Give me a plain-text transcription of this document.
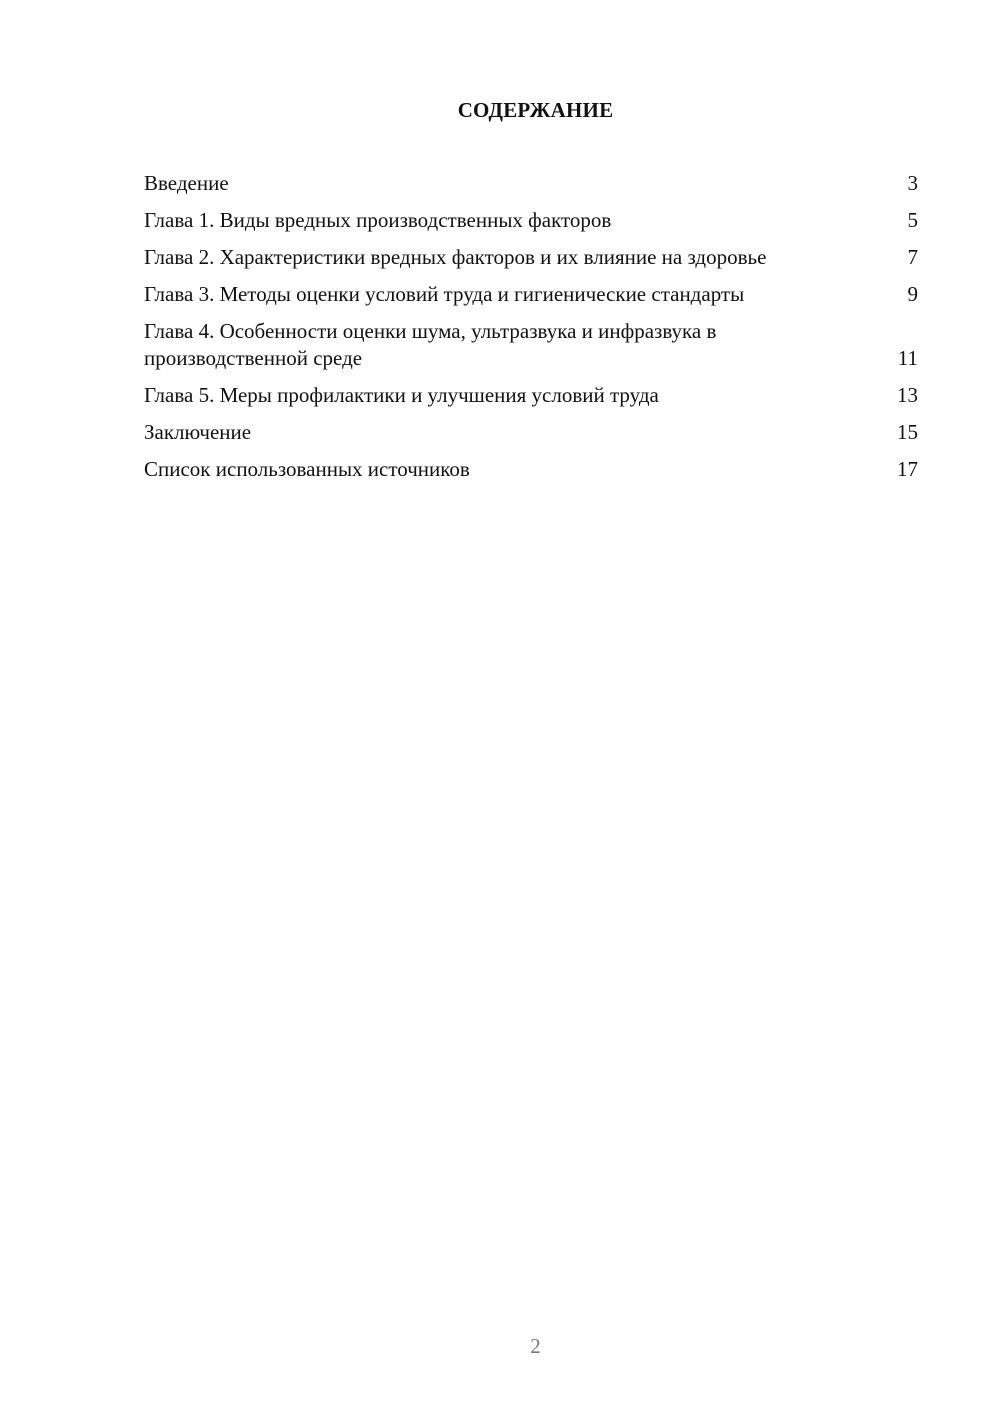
СОДЕРЖАНИЕ
Введение	3
Глава 1. Виды вредных производственных факторов	5
Глава 2. Характеристики вредных факторов и их влияние на здоровье	7
Глава 3. Методы оценки условий труда и гигиенические стандарты	9
Глава 4. Особенности оценки шума, ультразвука и инфразвука в производственной среде	11
Глава 5. Меры профилактики и улучшения условий труда	13
Заключение	15
Список использованных источников	17
2
